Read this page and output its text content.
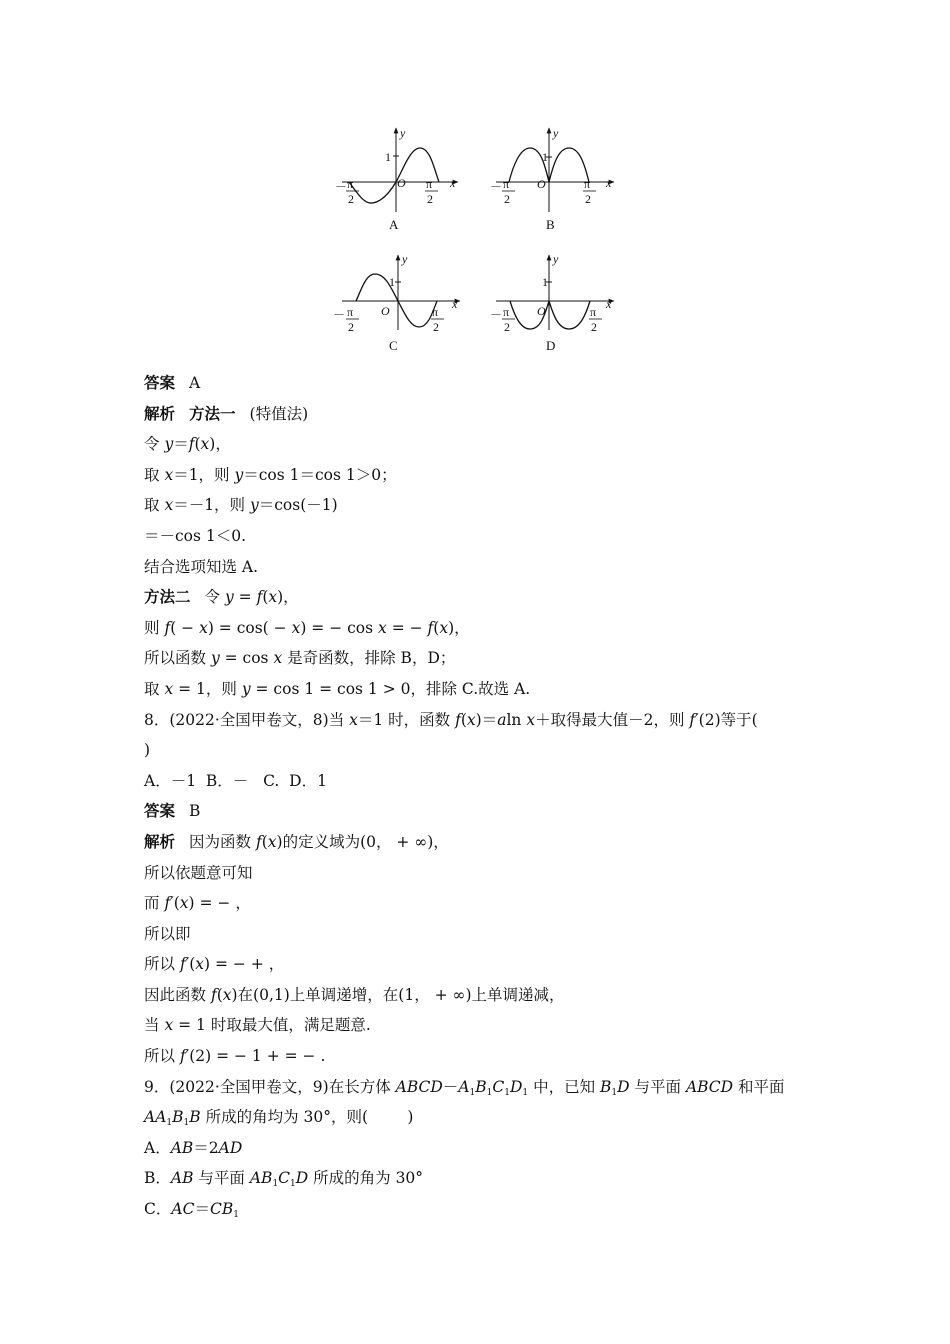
－ π
2
π
2
1
O	x
y
A
－ π
2
π
2
1
O	x
y
B
－ π
2
π
2
1
O	x
y
C
－ π
2
π
2
1
O	x
y
D
答案 A
解析 方法一 (特值法)
令 y＝f(x)，
取 x＝1，则 y＝cos 1＝cos 1＞0；
取 x＝－1，则 y＝cos(－1)
＝－cos 1＜0.
结合选项知选 A.
方法二 令 y = f(x)，
则 f( − x) = cos( − x) = − cos x = − f(x)，
所以函数 y = cos x 是奇函数，排除 B，D；
取 x = 1，则 y = cos 1 = cos 1 > 0，排除 C.故选 A.
8．(2022·全国甲卷文，8)当 x＝1 时，函数 f(x)＝aln x＋取得最大值－2，则 f′(2)等于(
)
A．－1  B．－   C.  D．1
答案 B
解析 因为函数 f(x)的定义域为(0， + ∞)，
所以依题意可知
而 f′(x) = − ，
所以即
所以 f′(x) = − + ，
因此函数 f(x)在(0,1)上单调递增，在(1， + ∞)上单调递减，
当 x = 1 时取最大值，满足题意.
所以 f′(2) = − 1 + = − .
9．(2022·全国甲卷文，9)在长方体 $ABCD-A_1B_1C_1D_1$ 中，已知 $B_1D$ 与平面 ABCD 和平面
$AA_1B_1B$ 所成的角均为 30°，则(        )
A．AB＝2AD
B．AB 与平面 $AB_1C_1D$ 所成的角为 30°
C．$AC=CB_1$
